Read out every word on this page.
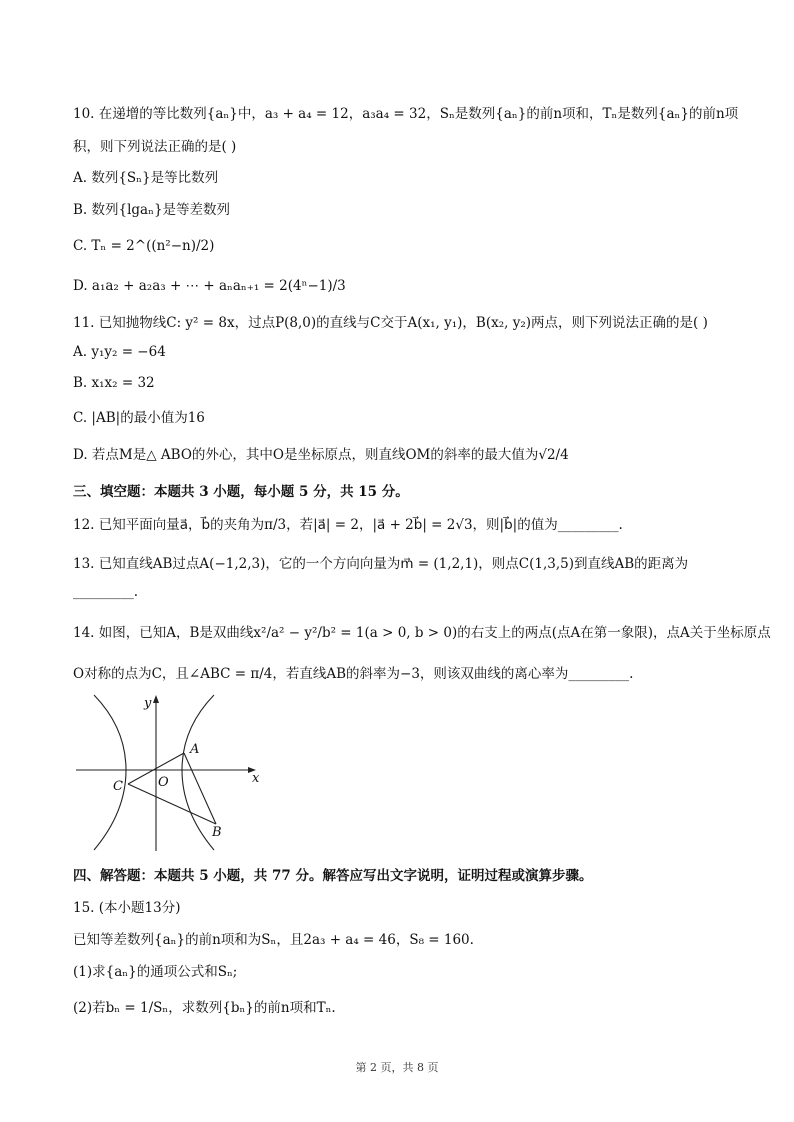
10. 在递增的等比数列{aₙ}中，a₃ + a₄ = 12，a₃a₄ = 32，Sₙ是数列{aₙ}的前n项和，Tₙ是数列{aₙ}的前n项
积，则下列说法正确的是( )
A. 数列{Sₙ}是等比数列
B. 数列{lgaₙ}是等差数列
C. Tₙ = 2^((n²−n)/2)
D. a₁a₂ + a₂a₃ + ⋯ + aₙaₙ₊₁ = 2(4ⁿ−1)/3
11. 已知抛物线C: y² = 8x，过点P(8,0)的直线与C交于A(x₁, y₁)，B(x₂, y₂)两点，则下列说法正确的是( )
A. y₁y₂ = −64
B. x₁x₂ = 32
C. |AB|的最小值为16
D. 若点M是△ ABO的外心，其中O是坐标原点，则直线OM的斜率的最大值为√2/4
三、填空题：本题共 3 小题，每小题 5 分，共 15 分。
12. 已知平面向量a⃗，b⃗的夹角为π/3，若|a⃗| = 2，|a⃗ + 2b⃗| = 2√3，则|b⃗|的值为_________.
13. 已知直线AB过点A(−1,2,3)，它的一个方向向量为m⃗ = (1,2,1)，则点C(1,3,5)到直线AB的距离为
_________.
14. 如图，已知A，B是双曲线x²/a² − y²/b² = 1(a > 0, b > 0)的右支上的两点(点A在第一象限)，点A关于坐标原点
O对称的点为C，且∠ABC = π/4，若直线AB的斜率为−3，则该双曲线的离心率为_________.
y
x
O
A
B
C
四、解答题：本题共 5 小题，共 77 分。解答应写出文字说明，证明过程或演算步骤。
15. (本小题13分)
已知等差数列{aₙ}的前n项和为Sₙ，且2a₃ + a₄ = 46，S₈ = 160.
(1)求{aₙ}的通项公式和Sₙ;
(2)若bₙ = 1/Sₙ，求数列{bₙ}的前n项和Tₙ.
第 2 页，共 8 页
